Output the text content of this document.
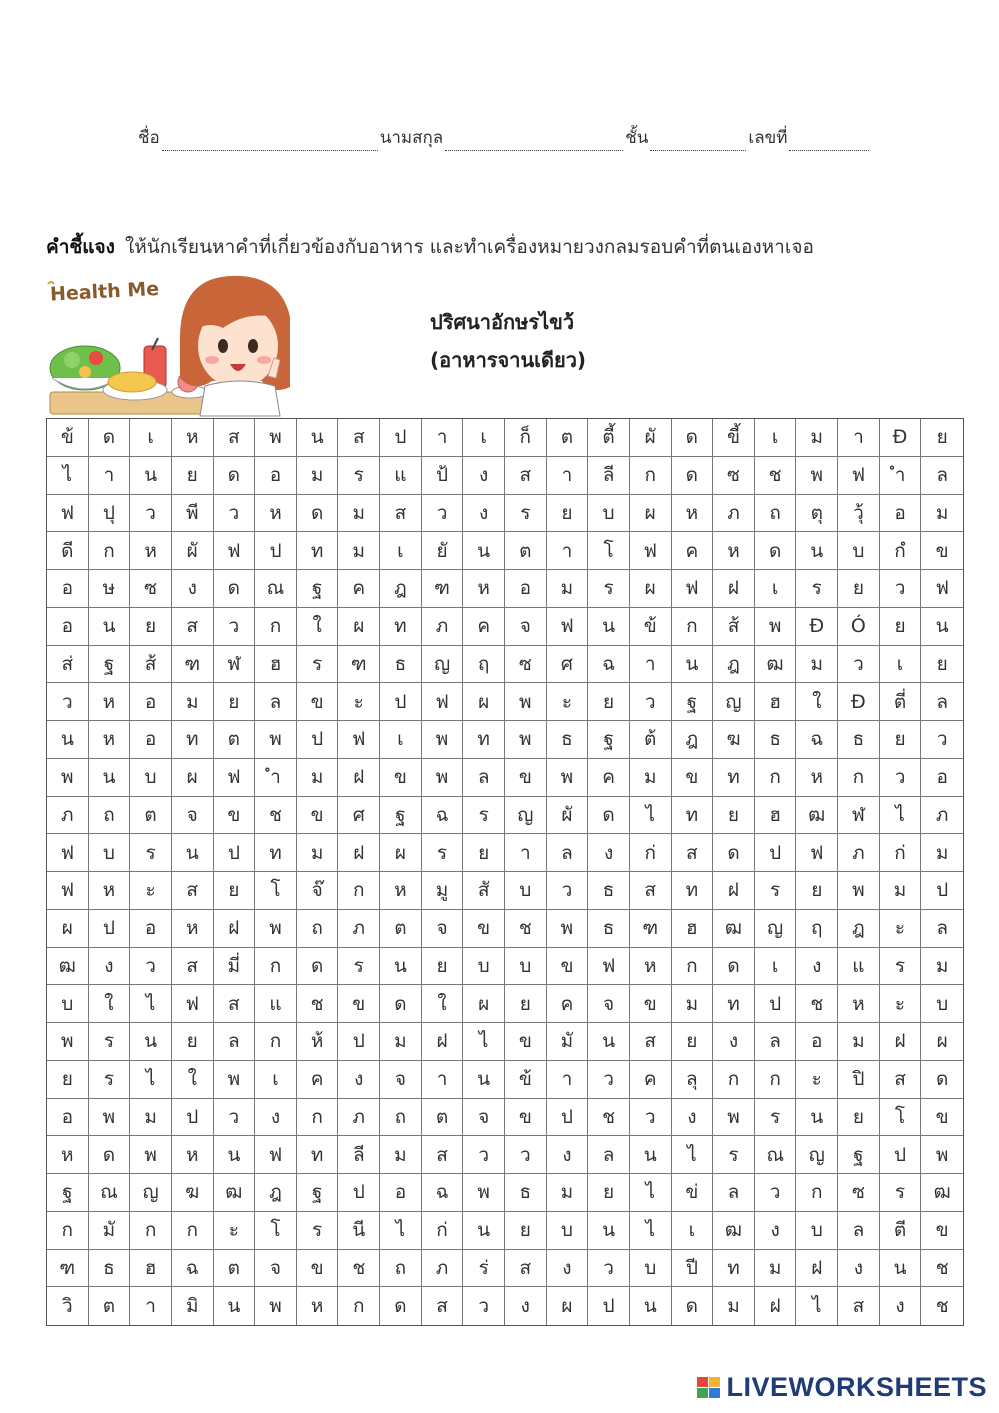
ชื่อ	นามสกุล	ชั้น	เลขที่
คำชี้แจง ให้นักเรียนหาคำที่เกี่ยวข้องกับอาหาร และทำเครื่องหมายวงกลมรอบคำที่ตนเองหาเจอ
Health Me
ปริศนาอักษรไขว้
(อาหารจานเดียว)
ข้	ด	เ	ห	ส	พ	น	ส	ป	า	เ	ก็	ต	ตี้	ผั	ด	ขี้	เ	ม	า	Ð	ย
ไ	า	น	ย	ด	อ	ม	ร	แ	ป้	ง	ส	า	ลี	ก	ด	ซ	ช	พ	ฟ	ำ	ล
ฟ	ปุ	ว	พี	ว	ห	ด	ม	ส	ว	ง	ร	ย	บ	ผ	ห	ภ	ถ	ตุ	วุ้	อ	ม
ดี	ก	ห	ผั	ฟ	ป	ท	ม	เ	ยั	น	ต	า	โ	ฟ	ค	ห	ด	น	บ	กํ	ข
อ	ษ	ซ	ง	ด	ณ	ฐ	ค	ฎ	ฑ	ห	อ	ม	ร	ผ	ฟ	ฝ	เ	ร	ย	ว	ฟ
อ	น	ย	ส	ว	ก	ใ	ผ	ท	ภ	ค	จ	ฟ	น	ข้	ก	ส้	พ	Ð	Ó	ย	น
ส่	ฐ	ส้	ฑ	ฬ	ฮ	ร	ฑ	ธ	ญ	ฤ	ซ	ศ	ฉ	า	น	ฎ	ฒ	ม	ว	เ	ย
ว	ห	อ	ม	ย	ล	ข	ะ	ป	ฟ	ผ	พ	ะ	ย	ว	ฐ	ญ	ฮ	ใ	Ð	ตี่	ล
น	ห	อ	ท	ต	พ	ป	ฟ	เ	พ	ท	พ	ธ	ฐ	ต้	ฎ	ฆ	ธ	ฉ	ธ	ย	ว
พ	น	บ	ผ	ฟ	ำ	ม	ฝ	ข	พ	ล	ข	พ	ค	ม	ข	ท	ก	ห	ก	ว	อ
ภ	ถ	ต	จ	ข	ช	ข	ศ	ฐ	ฉ	ร	ญ	ผั	ด	ไ	ท	ย	ฮ	ฒ	ฬ	ไ	ภ
ฟ	บ	ร	น	ป	ท	ม	ฝ	ผ	ร	ย	า	ล	ง	ก่	ส	ด	ป	ฟ	ภ	ก่	ม
ฟ	ห	ะ	ส	ย	โ	จ๊	ก	ห	มู	สั	บ	ว	ธ	ส	ท	ฝ	ร	ย	พ	ม	ป
ผ	ป	อ	ห	ฝ	พ	ถ	ภ	ต	จ	ข	ช	พ	ธ	ฑ	ฮ	ฒ	ญ	ฤ	ฎ	ะ	ล
ฒ	ง	ว	ส	มี่	ก	ด	ร	น	ย	บ	บ	ข	ฟ	ห	ก	ด	เ	ง	แ	ร	ม
บ	ใ	ไ	ฟ	ส	แ	ช	ข	ด	ใ	ผ	ย	ค	จ	ข	ม	ท	ป	ช	ห	ะ	บ
พ	ร	น	ย	ล	ก	ห้	ป	ม	ฝ	ไ	ข	มั	น	ส	ย	ง	ล	อ	ม	ฝ	ผ
ย	ร	ไ	ใ	พ	เ	ค	ง	จ	า	น	ข้	า	ว	ค	ลุ	ก	ก	ะ	ปิ	ส	ด
อ	พ	ม	ป	ว	ง	ก	ภ	ถ	ต	จ	ข	ป	ช	ว	ง	พ	ร	น	ย	โ	ข
ห	ด	พ	ห	น	ฟ	ท	ลี	ม	ส	ว	ว	ง	ล	น	ไ	ร	ณ	ญ	ฐ	ป	พ
ฐ	ณ	ญ	ฆ	ฒ	ฎ	ฐ	ป	อ	ฉ	พ	ธ	ม	ย	ไ	ข่	ล	ว	ก	ซ	ร	ฒ
ก	มั	ก	ก	ะ	โ	ร	นี	ไ	ก่	น	ย	บ	น	ไ	เ	ฒ	ง	บ	ล	ตี	ข
ฑ	ธ	ฮ	ฉ	ต	จ	ข	ช	ถ	ภ	ร่	ส	ง	ว	บ	ปี	ท	ม	ฝ	ง	น	ช
วิ	ต	า	มิ	น	พ	ห	ก	ด	ส	ว	ง	ผ	ป	น	ด	ม	ฝ	ไ	ส	ง	ช
LIVEWORKSHEETS
